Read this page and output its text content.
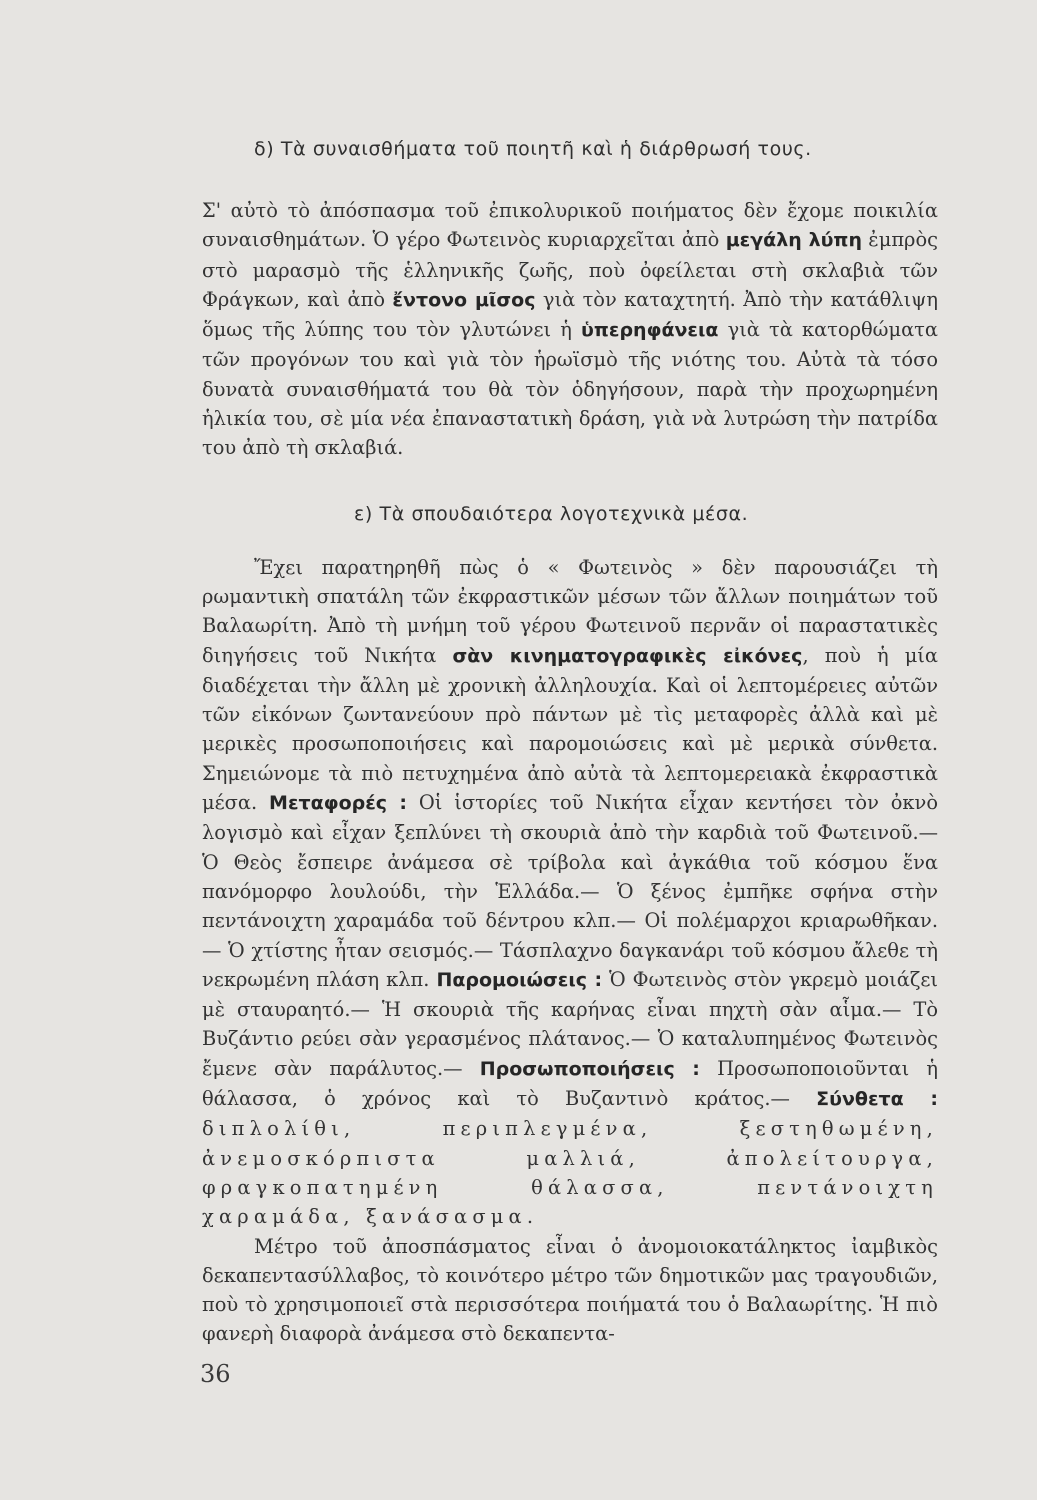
δ) Τὰ συναισθήματα τοῦ ποιητῆ καὶ ἡ διάρθρωσή τους.

Σ' αὐτὸ τὸ ἀπόσπασμα τοῦ ἐπικολυρικοῦ ποιήματος δὲν ἔχομε ποικιλία συναισθημάτων. Ὁ γέρο Φωτεινὸς κυριαρχεῖται ἀπὸ μεγάλη λύπη ἐμπρὸς στὸ μαρασμὸ τῆς ἑλληνικῆς ζωῆς, ποὺ ὀφείλεται στὴ σκλαβιὰ τῶν Φράγκων, καὶ ἀπὸ ἔντονο μῖσος γιὰ τὸν καταχτητή. Ἀπὸ τὴν κατάθλιψη ὅμως τῆς λύπης του τὸν γλυτώνει ἡ ὑπερηφάνεια γιὰ τὰ κατορθώματα τῶν προγόνων του καὶ γιὰ τὸν ἡρωϊσμὸ τῆς νιότης του. Αὐτὰ τὰ τόσο δυνατὰ συναισθήματά του θὰ τὸν ὁδηγήσουν, παρὰ τὴν προχωρημένη ἡλικία του, σὲ μία νέα ἐπαναστατικὴ δράση, γιὰ νὰ λυτρώση τὴν πατρίδα του ἀπὸ τὴ σκλαβιά.

ε) Τὰ σπουδαιότερα λογοτεχνικὰ μέσα.

Ἔχει παρατηρηθῆ πὼς ὁ « Φωτεινὸς » δὲν παρουσιάζει τὴ ρωμαντικὴ σπατάλη τῶν ἐκφραστικῶν μέσων τῶν ἄλλων ποιημάτων τοῦ Βαλαωρίτη. Ἀπὸ τὴ μνήμη τοῦ γέρου Φωτεινοῦ περνᾶν οἱ παραστατικὲς διηγήσεις τοῦ Νικήτα σὰν κινηματογραφικὲς εἰκόνες, ποὺ ἡ μία διαδέχεται τὴν ἄλλη μὲ χρονικὴ ἀλληλουχία. Καὶ οἱ λεπτομέρειες αὐτῶν τῶν εἰκόνων ζωντανεύουν πρὸ πάντων μὲ τὶς μεταφορὲς ἀλλὰ καὶ μὲ μερικὲς προσωποποιήσεις καὶ παρομοιώσεις καὶ μὲ μερικὰ σύνθετα. Σημειώνομε τὰ πιὸ πετυχημένα ἀπὸ αὐτὰ τὰ λεπτομερειακὰ ἐκφραστικὰ μέσα. Μεταφορές : Οἱ ἱστορίες τοῦ Νικήτα εἶχαν κεντήσει τὸν ὀκνὸ λογισμὸ καὶ εἶχαν ξεπλύνει τὴ σκουριὰ ἀπὸ τὴν καρδιὰ τοῦ Φωτεινοῦ.— Ὁ Θεὸς ἔσπειρε ἀνάμεσα σὲ τρίβολα καὶ ἀγκάθια τοῦ κόσμου ἕνα πανόμορφο λουλούδι, τὴν Ἑλλάδα.— Ὁ ξένος ἐμπῆκε σφήνα στὴν πεντάνοιχτη χαραμάδα τοῦ δέντρου κλπ.— Οἱ πολέμαρχοι κριαρωθῆκαν. — Ὁ χτίστης ἦταν σεισμός.— Τάσπλαχνο δαγκανάρι τοῦ κόσμου ἄλεθε τὴ νεκρωμένη πλάση κλπ. Παρομοιώσεις : Ὁ Φωτεινὸς στὸν γκρεμὸ μοιάζει μὲ σταυραητό.— Ἡ σκουριὰ τῆς καρήνας εἶναι πηχτὴ σὰν αἷμα.— Τὸ Βυζάντιο ρεύει σὰν γερασμένος πλάτανος.— Ὁ καταλυπημένος Φωτεινὸς ἔμενε σὰν παράλυτος.— Προσωποποιήσεις : Προσωποποιοῦνται ἡ θάλασσα, ὁ χρόνος καὶ τὸ Βυζαντινὸ κράτος.— Σύνθετα : διπλολίθι, περιπλεγμένα, ξεστηθωμένη, ἀνεμοσκόρπιστα μαλλιά, ἀπολείτουργα, φραγκοπατημένη θάλασσα, πεντάνοιχτη χαραμάδα, ξανάσασμα.

Μέτρο τοῦ ἀποσπάσματος εἶναι ὁ ἀνομοιοκατάληκτος ἰαμβικὸς δεκαπεντασύλλαβος, τὸ κοινότερο μέτρο τῶν δημοτικῶν μας τραγουδιῶν, ποὺ τὸ χρησιμοποιεῖ στὰ περισσότερα ποιήματά του ὁ Βαλαωρίτης. Ἡ πιὸ φανερὴ διαφορὰ ἀνάμεσα στὸ δεκαπεντα-

36
